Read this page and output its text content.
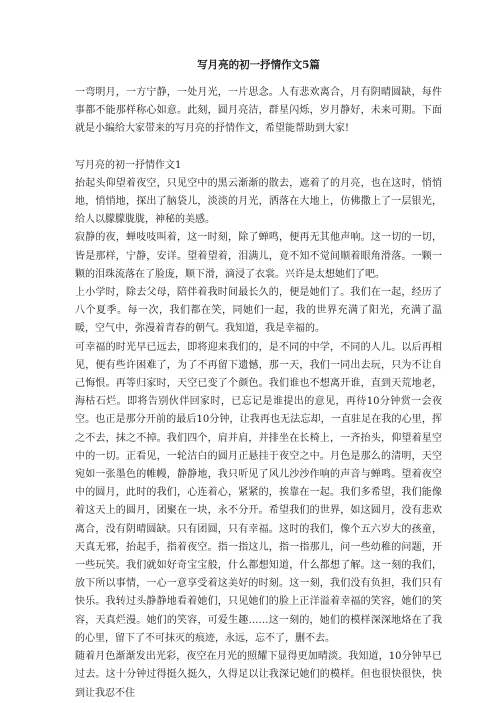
写月亮的初一抒情作文5篇

一弯明月，一方宁静，一处月光，一片思念。人有悲欢离合，月有阴晴圆缺，每件事都不能那样称心如意。此刻，圆月亮洁，群星闪烁，岁月静好，未来可期。下面就是小编给大家带来的写月亮的抒情作文，希望能帮助到大家!

写月亮的初一抒情作文1

抬起头仰望着夜空，只见空中的黑云渐渐的散去，遮着了的月亮，也在这时，悄悄地，悄悄地，探出了脑袋儿，淡淡的月光，洒落在大地上，仿佛撒上了一层银光，给人以朦朦胧胧，神秘的美感。

寂静的夜，蝉吱吱叫着，这一时刻，除了蝉鸣，便再无其他声响。这一切的一切，皆是那样，宁静，安详。望着望着，泪满儿，竟不知不觉间顺着眼角滑落。一颗一颗的泪珠流落在了脸庞，顺下滑，滴浸了衣裳。兴许是太想她们了吧。

上小学时，除去父母，陪伴着我时间最长久的，便是她们了。我们在一起，经历了八个夏季。每一次，我们都在笑，同她们一起，我的世界充满了阳光，充满了温暖，空气中，弥漫着青春的朝气。我知道，我是幸福的。

可幸福的时光早已远去，即将迎来我们的，是不同的中学，不同的人儿。以后再相见，便有些许困难了，为了不再留下遗憾，那一天，我们一同出去玩，只为不让自己悔恨。再等归家时，天空已变了个颜色。我们谁也不想离开谁，直到天荒地老，海枯石烂。即将告别伙伴回家时，已忘记是谁提出的意见，再待10分钟赏一会夜空。也正是那分开前的最后10分钟，让我再也无法忘却，一直驻足在我的心里，挥之不去，抹之不掉。我们四个，肩并肩，并排坐在长椅上，一齐抬头，仰望着星空中的一切。正看见，一轮洁白的圆月正悬挂于夜空之中。月色是那么的清明，天空宛如一张墨色的帷幔，静静地，我只听见了风儿沙沙作响的声音与蝉鸣。望着夜空中的圆月，此时的我们，心连着心，紧紧的，挨靠在一起。我们多希望，我们能像着这天上的圆月，团聚在一块，永不分开。希望我们的世界，如这圆月，没有悲欢离合，没有阴晴圆缺。只有团圆，只有幸福。这时的我们，像个五六岁大的孩童，天真无邪，抬起手，指着夜空。指一指这儿，指一指那儿，问一些幼稚的问题，开一些玩笑。我们就如好奇宝宝般，什么都想知道，什么都想了解。这一刻的我们，放下所以事情，一心一意享受着这美好的时刻。这一刻，我们没有负担，我们只有快乐。我转过头静静地看着她们，只见她们的脸上正洋溢着幸福的笑容，她们的笑容，天真烂漫。她们的笑容，可爱生趣……这一刻的，她们的模样深深地烙在了我的心里，留下了不可抹灭的痕迹，永远，忘不了，删不去。

随着月色渐渐发出光彩，夜空在月光的照耀下显得更加晴淡。我知道，10分钟早已过去。这十分钟过得挺久挺久，久得足以让我深记她们的模样。但也很快很快，快到让我忍不住
